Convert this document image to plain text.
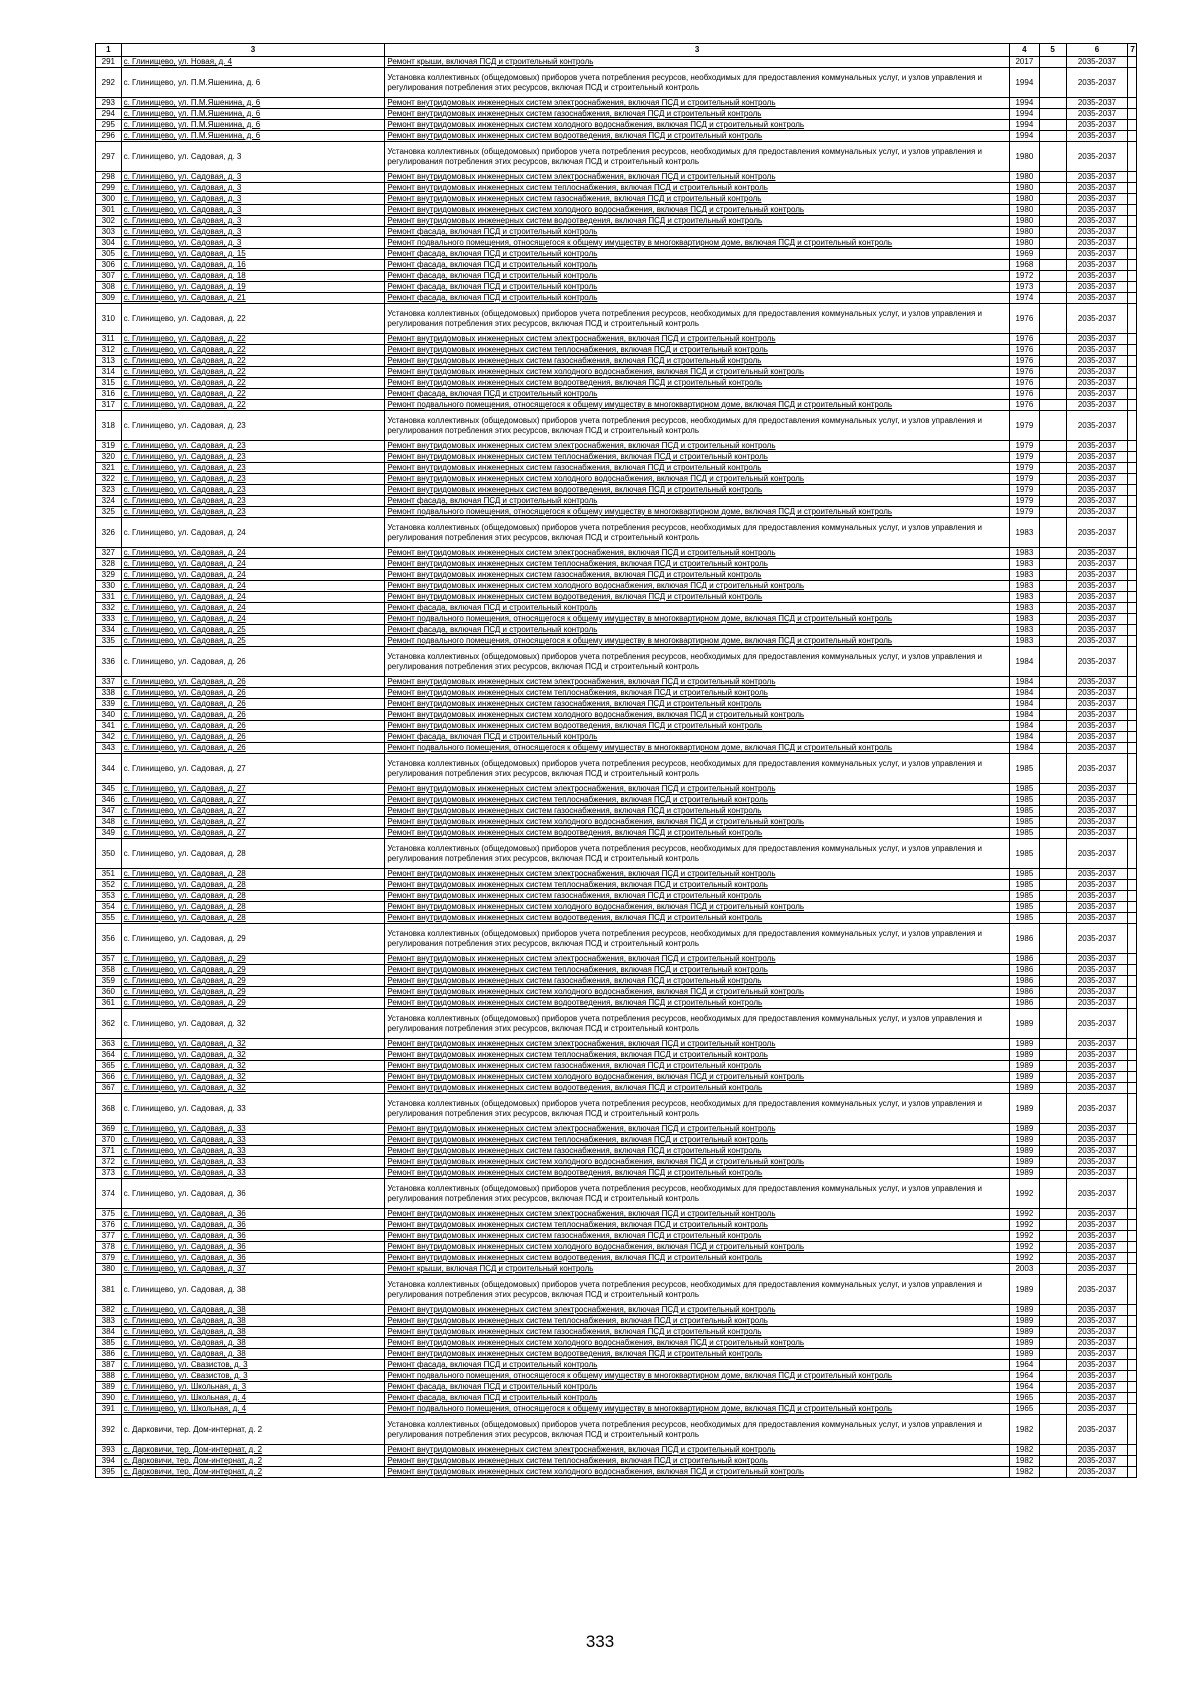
1	3	3	4	5	6	7
291	с. Глинищево, ул. Новая, д. 4	Ремонт крыши, включая ПСД и строительный контроль	2017		2035-2037	
292	с. Глинищево, ул. П.М.Яшенина, д. 6	Установка коллективных (общедомовых) приборов учета потребления ресурсов, необходимых для предоставления коммунальных услуг, и узлов управления и регулирования потребления этих ресурсов, включая ПСД и строительный контроль	1994		2035-2037	
293	с. Глинищево, ул. П.М.Яшенина, д. 6	Ремонт внутридомовых инженерных систем электроснабжения, включая ПСД и строительный контроль	1994		2035-2037	
294	с. Глинищево, ул. П.М.Яшенина, д. 6	Ремонт внутридомовых инженерных систем газоснабжения, включая ПСД и строительный контроль	1994		2035-2037	
295	с. Глинищево, ул. П.М.Яшенина, д. 6	Ремонт внутридомовых инженерных систем холодного водоснабжения, включая ПСД и строительный контроль	1994		2035-2037	
296	с. Глинищево, ул. П.М.Яшенина, д. 6	Ремонт внутридомовых инженерных систем водоотведения, включая ПСД и строительный контроль	1994		2035-2037	
297	с. Глинищево, ул. Садовая, д. 3	Установка коллективных (общедомовых) приборов учета потребления ресурсов, необходимых для предоставления коммунальных услуг, и узлов управления и регулирования потребления этих ресурсов, включая ПСД и строительный контроль	1980		2035-2037	
298	с. Глинищево, ул. Садовая, д. 3	Ремонт внутридомовых инженерных систем электроснабжения, включая ПСД и строительный контроль	1980		2035-2037	
299	с. Глинищево, ул. Садовая, д. 3	Ремонт внутридомовых инженерных систем теплоснабжения, включая ПСД и строительный контроль	1980		2035-2037	
300	с. Глинищево, ул. Садовая, д. 3	Ремонт внутридомовых инженерных систем газоснабжения, включая ПСД и строительный контроль	1980		2035-2037	
301	с. Глинищево, ул. Садовая, д. 3	Ремонт внутридомовых инженерных систем холодного водоснабжения, включая ПСД и строительный контроль	1980		2035-2037	
302	с. Глинищево, ул. Садовая, д. 3	Ремонт внутридомовых инженерных систем водоотведения, включая ПСД и строительный контроль	1980		2035-2037	
303	с. Глинищево, ул. Садовая, д. 3	Ремонт фасада, включая ПСД и строительный контроль	1980		2035-2037	
304	с. Глинищево, ул. Садовая, д. 3	Ремонт подвального помещения, относящегося к общему имуществу в многоквартирном доме, включая ПСД и строительный контроль	1980		2035-2037	
305	с. Глинищево, ул. Садовая, д. 15	Ремонт фасада, включая ПСД и строительный контроль	1969		2035-2037	
306	с. Глинищево, ул. Садовая, д. 16	Ремонт фасада, включая ПСД и строительный контроль	1968		2035-2037	
307	с. Глинищево, ул. Садовая, д. 18	Ремонт фасада, включая ПСД и строительный контроль	1972		2035-2037	
308	с. Глинищево, ул. Садовая, д. 19	Ремонт фасада, включая ПСД и строительный контроль	1973		2035-2037	
309	с. Глинищево, ул. Садовая, д. 21	Ремонт фасада, включая ПСД и строительный контроль	1974		2035-2037	
310	с. Глинищево, ул. Садовая, д. 22	Установка коллективных (общедомовых) приборов учета потребления ресурсов, необходимых для предоставления коммунальных услуг, и узлов управления и регулирования потребления этих ресурсов, включая ПСД и строительный контроль	1976		2035-2037	
311	с. Глинищево, ул. Садовая, д. 22	Ремонт внутридомовых инженерных систем электроснабжения, включая ПСД и строительный контроль	1976		2035-2037	
312	с. Глинищево, ул. Садовая, д. 22	Ремонт внутридомовых инженерных систем теплоснабжения, включая ПСД и строительный контроль	1976		2035-2037	
313	с. Глинищево, ул. Садовая, д. 22	Ремонт внутридомовых инженерных систем газоснабжения, включая ПСД и строительный контроль	1976		2035-2037	
314	с. Глинищево, ул. Садовая, д. 22	Ремонт внутридомовых инженерных систем холодного водоснабжения, включая ПСД и строительный контроль	1976		2035-2037	
315	с. Глинищево, ул. Садовая, д. 22	Ремонт внутридомовых инженерных систем водоотведения, включая ПСД и строительный контроль	1976		2035-2037	
316	с. Глинищево, ул. Садовая, д. 22	Ремонт фасада, включая ПСД и строительный контроль	1976		2035-2037	
317	с. Глинищево, ул. Садовая, д. 22	Ремонт подвального помещения, относящегося к общему имуществу в многоквартирном доме, включая ПСД и строительный контроль	1976		2035-2037	
318	с. Глинищево, ул. Садовая, д. 23	Установка коллективных (общедомовых) приборов учета потребления ресурсов, необходимых для предоставления коммунальных услуг, и узлов управления и регулирования потребления этих ресурсов, включая ПСД и строительный контроль	1979		2035-2037	
319	с. Глинищево, ул. Садовая, д. 23	Ремонт внутридомовых инженерных систем электроснабжения, включая ПСД и строительный контроль	1979		2035-2037	
320	с. Глинищево, ул. Садовая, д. 23	Ремонт внутридомовых инженерных систем теплоснабжения, включая ПСД и строительный контроль	1979		2035-2037	
321	с. Глинищево, ул. Садовая, д. 23	Ремонт внутридомовых инженерных систем газоснабжения, включая ПСД и строительный контроль	1979		2035-2037	
322	с. Глинищево, ул. Садовая, д. 23	Ремонт внутридомовых инженерных систем холодного водоснабжения, включая ПСД и строительный контроль	1979		2035-2037	
323	с. Глинищево, ул. Садовая, д. 23	Ремонт внутридомовых инженерных систем водоотведения, включая ПСД и строительный контроль	1979		2035-2037	
324	с. Глинищево, ул. Садовая, д. 23	Ремонт фасада, включая ПСД и строительный контроль	1979		2035-2037	
325	с. Глинищево, ул. Садовая, д. 23	Ремонт подвального помещения, относящегося к общему имуществу в многоквартирном доме, включая ПСД и строительный контроль	1979		2035-2037	
326	с. Глинищево, ул. Садовая, д. 24	Установка коллективных (общедомовых) приборов учета потребления ресурсов, необходимых для предоставления коммунальных услуг, и узлов управления и регулирования потребления этих ресурсов, включая ПСД и строительный контроль	1983		2035-2037	
327	с. Глинищево, ул. Садовая, д. 24	Ремонт внутридомовых инженерных систем электроснабжения, включая ПСД и строительный контроль	1983		2035-2037	
328	с. Глинищево, ул. Садовая, д. 24	Ремонт внутридомовых инженерных систем теплоснабжения, включая ПСД и строительный контроль	1983		2035-2037	
329	с. Глинищево, ул. Садовая, д. 24	Ремонт внутридомовых инженерных систем газоснабжения, включая ПСД и строительный контроль	1983		2035-2037	
330	с. Глинищево, ул. Садовая, д. 24	Ремонт внутридомовых инженерных систем холодного водоснабжения, включая ПСД и строительный контроль	1983		2035-2037	
331	с. Глинищево, ул. Садовая, д. 24	Ремонт внутридомовых инженерных систем водоотведения, включая ПСД и строительный контроль	1983		2035-2037	
332	с. Глинищево, ул. Садовая, д. 24	Ремонт фасада, включая ПСД и строительный контроль	1983		2035-2037	
333	с. Глинищево, ул. Садовая, д. 24	Ремонт подвального помещения, относящегося к общему имуществу в многоквартирном доме, включая ПСД и строительный контроль	1983		2035-2037	
334	с. Глинищево, ул. Садовая, д. 25	Ремонт фасада, включая ПСД и строительный контроль	1983		2035-2037	
335	с. Глинищево, ул. Садовая, д. 25	Ремонт подвального помещения, относящегося к общему имуществу в многоквартирном доме, включая ПСД и строительный контроль	1983		2035-2037	
336	с. Глинищево, ул. Садовая, д. 26	Установка коллективных (общедомовых) приборов учета потребления ресурсов, необходимых для предоставления коммунальных услуг, и узлов управления и регулирования потребления этих ресурсов, включая ПСД и строительный контроль	1984		2035-2037	
337	с. Глинищево, ул. Садовая, д. 26	Ремонт внутридомовых инженерных систем электроснабжения, включая ПСД и строительный контроль	1984		2035-2037	
338	с. Глинищево, ул. Садовая, д. 26	Ремонт внутридомовых инженерных систем теплоснабжения, включая ПСД и строительный контроль	1984		2035-2037	
339	с. Глинищево, ул. Садовая, д. 26	Ремонт внутридомовых инженерных систем газоснабжения, включая ПСД и строительный контроль	1984		2035-2037	
340	с. Глинищево, ул. Садовая, д. 26	Ремонт внутридомовых инженерных систем холодного водоснабжения, включая ПСД и строительный контроль	1984		2035-2037	
341	с. Глинищево, ул. Садовая, д. 26	Ремонт внутридомовых инженерных систем водоотведения, включая ПСД и строительный контроль	1984		2035-2037	
342	с. Глинищево, ул. Садовая, д. 26	Ремонт фасада, включая ПСД и строительный контроль	1984		2035-2037	
343	с. Глинищево, ул. Садовая, д. 26	Ремонт подвального помещения, относящегося к общему имуществу в многоквартирном доме, включая ПСД и строительный контроль	1984		2035-2037	
344	с. Глинищево, ул. Садовая, д. 27	Установка коллективных (общедомовых) приборов учета потребления ресурсов, необходимых для предоставления коммунальных услуг, и узлов управления и регулирования потребления этих ресурсов, включая ПСД и строительный контроль	1985		2035-2037	
345	с. Глинищево, ул. Садовая, д. 27	Ремонт внутридомовых инженерных систем электроснабжения, включая ПСД и строительный контроль	1985		2035-2037	
346	с. Глинищево, ул. Садовая, д. 27	Ремонт внутридомовых инженерных систем теплоснабжения, включая ПСД и строительный контроль	1985		2035-2037	
347	с. Глинищево, ул. Садовая, д. 27	Ремонт внутридомовых инженерных систем газоснабжения, включая ПСД и строительный контроль	1985		2035-2037	
348	с. Глинищево, ул. Садовая, д. 27	Ремонт внутридомовых инженерных систем холодного водоснабжения, включая ПСД и строительный контроль	1985		2035-2037	
349	с. Глинищево, ул. Садовая, д. 27	Ремонт внутридомовых инженерных систем водоотведения, включая ПСД и строительный контроль	1985		2035-2037	
350	с. Глинищево, ул. Садовая, д. 28	Установка коллективных (общедомовых) приборов учета потребления ресурсов, необходимых для предоставления коммунальных услуг, и узлов управления и регулирования потребления этих ресурсов, включая ПСД и строительный контроль	1985		2035-2037	
351	с. Глинищево, ул. Садовая, д. 28	Ремонт внутридомовых инженерных систем электроснабжения, включая ПСД и строительный контроль	1985		2035-2037	
352	с. Глинищево, ул. Садовая, д. 28	Ремонт внутридомовых инженерных систем теплоснабжения, включая ПСД и строительный контроль	1985		2035-2037	
353	с. Глинищево, ул. Садовая, д. 28	Ремонт внутридомовых инженерных систем газоснабжения, включая ПСД и строительный контроль	1985		2035-2037	
354	с. Глинищево, ул. Садовая, д. 28	Ремонт внутридомовых инженерных систем холодного водоснабжения, включая ПСД и строительный контроль	1985		2035-2037	
355	с. Глинищево, ул. Садовая, д. 28	Ремонт внутридомовых инженерных систем водоотведения, включая ПСД и строительный контроль	1985		2035-2037	
356	с. Глинищево, ул. Садовая, д. 29	Установка коллективных (общедомовых) приборов учета потребления ресурсов, необходимых для предоставления коммунальных услуг, и узлов управления и регулирования потребления этих ресурсов, включая ПСД и строительный контроль	1986		2035-2037	
357	с. Глинищево, ул. Садовая, д. 29	Ремонт внутридомовых инженерных систем электроснабжения, включая ПСД и строительный контроль	1986		2035-2037	
358	с. Глинищево, ул. Садовая, д. 29	Ремонт внутридомовых инженерных систем теплоснабжения, включая ПСД и строительный контроль	1986		2035-2037	
359	с. Глинищево, ул. Садовая, д. 29	Ремонт внутридомовых инженерных систем газоснабжения, включая ПСД и строительный контроль	1986		2035-2037	
360	с. Глинищево, ул. Садовая, д. 29	Ремонт внутридомовых инженерных систем холодного водоснабжения, включая ПСД и строительный контроль	1986		2035-2037	
361	с. Глинищево, ул. Садовая, д. 29	Ремонт внутридомовых инженерных систем водоотведения, включая ПСД и строительный контроль	1986		2035-2037	
362	с. Глинищево, ул. Садовая, д. 32	Установка коллективных (общедомовых) приборов учета потребления ресурсов, необходимых для предоставления коммунальных услуг, и узлов управления и регулирования потребления этих ресурсов, включая ПСД и строительный контроль	1989		2035-2037	
363	с. Глинищево, ул. Садовая, д. 32	Ремонт внутридомовых инженерных систем электроснабжения, включая ПСД и строительный контроль	1989		2035-2037	
364	с. Глинищево, ул. Садовая, д. 32	Ремонт внутридомовых инженерных систем теплоснабжения, включая ПСД и строительный контроль	1989		2035-2037	
365	с. Глинищево, ул. Садовая, д. 32	Ремонт внутридомовых инженерных систем газоснабжения, включая ПСД и строительный контроль	1989		2035-2037	
366	с. Глинищево, ул. Садовая, д. 32	Ремонт внутридомовых инженерных систем холодного водоснабжения, включая ПСД и строительный контроль	1989		2035-2037	
367	с. Глинищево, ул. Садовая, д. 32	Ремонт внутридомовых инженерных систем водоотведения, включая ПСД и строительный контроль	1989		2035-2037	
368	с. Глинищево, ул. Садовая, д. 33	Установка коллективных (общедомовых) приборов учета потребления ресурсов, необходимых для предоставления коммунальных услуг, и узлов управления и регулирования потребления этих ресурсов, включая ПСД и строительный контроль	1989		2035-2037	
369	с. Глинищево, ул. Садовая, д. 33	Ремонт внутридомовых инженерных систем электроснабжения, включая ПСД и строительный контроль	1989		2035-2037	
370	с. Глинищево, ул. Садовая, д. 33	Ремонт внутридомовых инженерных систем теплоснабжения, включая ПСД и строительный контроль	1989		2035-2037	
371	с. Глинищево, ул. Садовая, д. 33	Ремонт внутридомовых инженерных систем газоснабжения, включая ПСД и строительный контроль	1989		2035-2037	
372	с. Глинищево, ул. Садовая, д. 33	Ремонт внутридомовых инженерных систем холодного водоснабжения, включая ПСД и строительный контроль	1989		2035-2037	
373	с. Глинищево, ул. Садовая, д. 33	Ремонт внутридомовых инженерных систем водоотведения, включая ПСД и строительный контроль	1989		2035-2037	
374	с. Глинищево, ул. Садовая, д. 36	Установка коллективных (общедомовых) приборов учета потребления ресурсов, необходимых для предоставления коммунальных услуг, и узлов управления и регулирования потребления этих ресурсов, включая ПСД и строительный контроль	1992		2035-2037	
375	с. Глинищево, ул. Садовая, д. 36	Ремонт внутридомовых инженерных систем электроснабжения, включая ПСД и строительный контроль	1992		2035-2037	
376	с. Глинищево, ул. Садовая, д. 36	Ремонт внутридомовых инженерных систем теплоснабжения, включая ПСД и строительный контроль	1992		2035-2037	
377	с. Глинищево, ул. Садовая, д. 36	Ремонт внутридомовых инженерных систем газоснабжения, включая ПСД и строительный контроль	1992		2035-2037	
378	с. Глинищево, ул. Садовая, д. 36	Ремонт внутридомовых инженерных систем холодного водоснабжения, включая ПСД и строительный контроль	1992		2035-2037	
379	с. Глинищево, ул. Садовая, д. 36	Ремонт внутридомовых инженерных систем водоотведения, включая ПСД и строительный контроль	1992		2035-2037	
380	с. Глинищево, ул. Садовая, д. 37	Ремонт крыши, включая ПСД и строительный контроль	2003		2035-2037	
381	с. Глинищево, ул. Садовая, д. 38	Установка коллективных (общедомовых) приборов учета потребления ресурсов, необходимых для предоставления коммунальных услуг, и узлов управления и регулирования потребления этих ресурсов, включая ПСД и строительный контроль	1989		2035-2037	
382	с. Глинищево, ул. Садовая, д. 38	Ремонт внутридомовых инженерных систем электроснабжения, включая ПСД и строительный контроль	1989		2035-2037	
383	с. Глинищево, ул. Садовая, д. 38	Ремонт внутридомовых инженерных систем теплоснабжения, включая ПСД и строительный контроль	1989		2035-2037	
384	с. Глинищево, ул. Садовая, д. 38	Ремонт внутридомовых инженерных систем газоснабжения, включая ПСД и строительный контроль	1989		2035-2037	
385	с. Глинищево, ул. Садовая, д. 38	Ремонт внутридомовых инженерных систем холодного водоснабжения, включая ПСД и строительный контроль	1989		2035-2037	
386	с. Глинищево, ул. Садовая, д. 38	Ремонт внутридомовых инженерных систем водоотведения, включая ПСД и строительный контроль	1989		2035-2037	
387	с. Глинищево, ул. Свазистов, д. 3	Ремонт фасада, включая ПСД и строительный контроль	1964		2035-2037	
388	с. Глинищево, ул. Свазистов, д. 3	Ремонт подвального помещения, относящегося к общему имуществу в многоквартирном доме, включая ПСД и строительный контроль	1964		2035-2037	
389	с. Глинищево, ул. Школьная, д. 3	Ремонт фасада, включая ПСД и строительный контроль	1964		2035-2037	
390	с. Глинищево, ул. Школьная, д. 4	Ремонт фасада, включая ПСД и строительный контроль	1965		2035-2037	
391	с. Глинищево, ул. Школьная, д. 4	Ремонт подвального помещения, относящегося к общему имуществу в многоквартирном доме, включая ПСД и строительный контроль	1965		2035-2037	
392	с. Дарковичи, тер. Дом-интернат, д. 2	Установка коллективных (общедомовых) приборов учета потребления ресурсов, необходимых для предоставления коммунальных услуг, и узлов управления и регулирования потребления этих ресурсов, включая ПСД и строительный контроль	1982		2035-2037	
393	с. Дарковичи, тер. Дом-интернат, д. 2	Ремонт внутридомовых инженерных систем электроснабжения, включая ПСД и строительный контроль	1982		2035-2037	
394	с. Дарковичи, тер. Дом-интернат, д. 2	Ремонт внутридомовых инженерных систем теплоснабжения, включая ПСД и строительный контроль	1982		2035-2037	
395	с. Дарковичи, тер. Дом-интернат, д. 2	Ремонт внутридомовых инженерных систем холодного водоснабжения, включая ПСД и строительный контроль	1982		2035-2037	
333
